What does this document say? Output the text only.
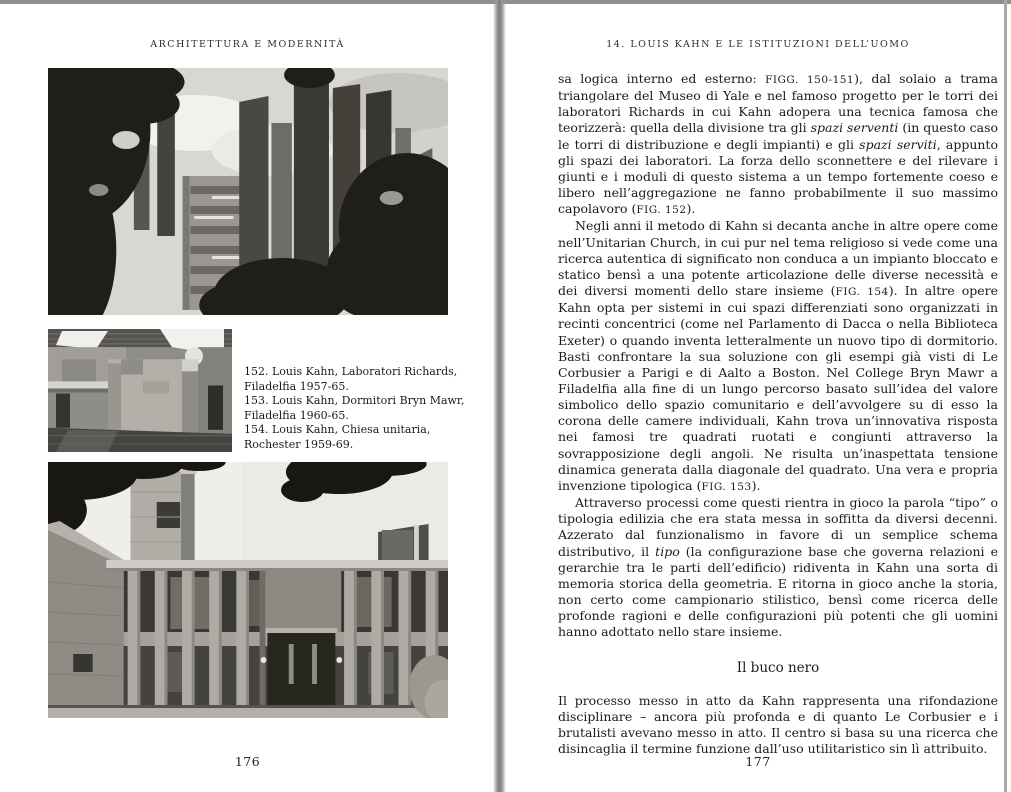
ARCHITETTURA E MODERNITÀ

152. Louis Kahn, Laboratori Richards, Filadelfia 1957-65.

153. Louis Kahn, Dormitori Bryn Mawr, Filadelfia 1960-65.

154. Louis Kahn, Chiesa unitaria, Rochester 1959-69.

176
14. LOUIS KAHN E LE ISTITUZIONI DELL’UOMO

sa logica interno ed esterno: FIGG. 150-151), dal solaio a trama triangolare del Museo di Yale e nel famoso progetto per le torri dei laboratori Richards in cui Kahn adopera una tecnica famosa che teorizzerà: quella della divisione tra gli spazi serventi (in questo caso le torri di distribuzione e degli impianti) e gli spazi serviti, appunto gli spazi dei laboratori. La forza dello sconnettere e del rilevare i giunti e i moduli di questo sistema a un tempo fortemente coeso e libero nell’aggregazione ne fanno probabilmente il suo massimo capolavoro (FIG. 152).

Negli anni il metodo di Kahn si decanta anche in altre opere come nell’Unitarian Church, in cui pur nel tema religioso si vede come una ricerca autentica di significato non conduca a un impianto bloccato e statico bensì a una potente articolazione delle diverse necessità e dei diversi momenti dello stare insieme (FIG. 154). In altre opere Kahn opta per sistemi in cui spazi differenziati sono organizzati in recinti concentrici (come nel Parlamento di Dacca o nella Biblioteca Exeter) o quando inventa letteralmente un nuovo tipo di dormitorio. Basti confrontare la sua soluzione con gli esempi già visti di Le Corbusier a Parigi e di Aalto a Boston. Nel College Bryn Mawr a Filadelfia alla fine di un lungo percorso basato sull’idea del valore simbolico dello spazio comunitario e dell’avvolgere su di esso la corona delle camere individuali, Kahn trova un’innovativa risposta nei famosi tre quadrati ruotati e congiunti attraverso la sovrapposizione degli angoli. Ne risulta un’inaspettata tensione dinamica generata dalla diagonale del quadrato. Una vera e propria invenzione tipologica (FIG. 153).

Attraverso processi come questi rientra in gioco la parola “tipo” o tipologia edilizia che era stata messa in soffitta da diversi decenni. Azzerato dal funzionalismo in favore di un semplice schema distributivo, il tipo (la configurazione base che governa relazioni e gerarchie tra le parti dell’edificio) ridiventa in Kahn una sorta di memoria storica della geometria. E ritorna in gioco anche la storia, non certo come campionario stilistico, bensì come ricerca delle profonde ragioni e delle configurazioni più potenti che gli uomini hanno adottato nello stare insieme.

Il buco nero

Il processo messo in atto da Kahn rappresenta una rifondazione disciplinare – ancora più profonda e di quanto Le Corbusier e i brutalisti avevano messo in atto. Il centro si basa su una ricerca che disincaglia il termine funzione dall’uso utilitaristico sin lì attribuito.

177
